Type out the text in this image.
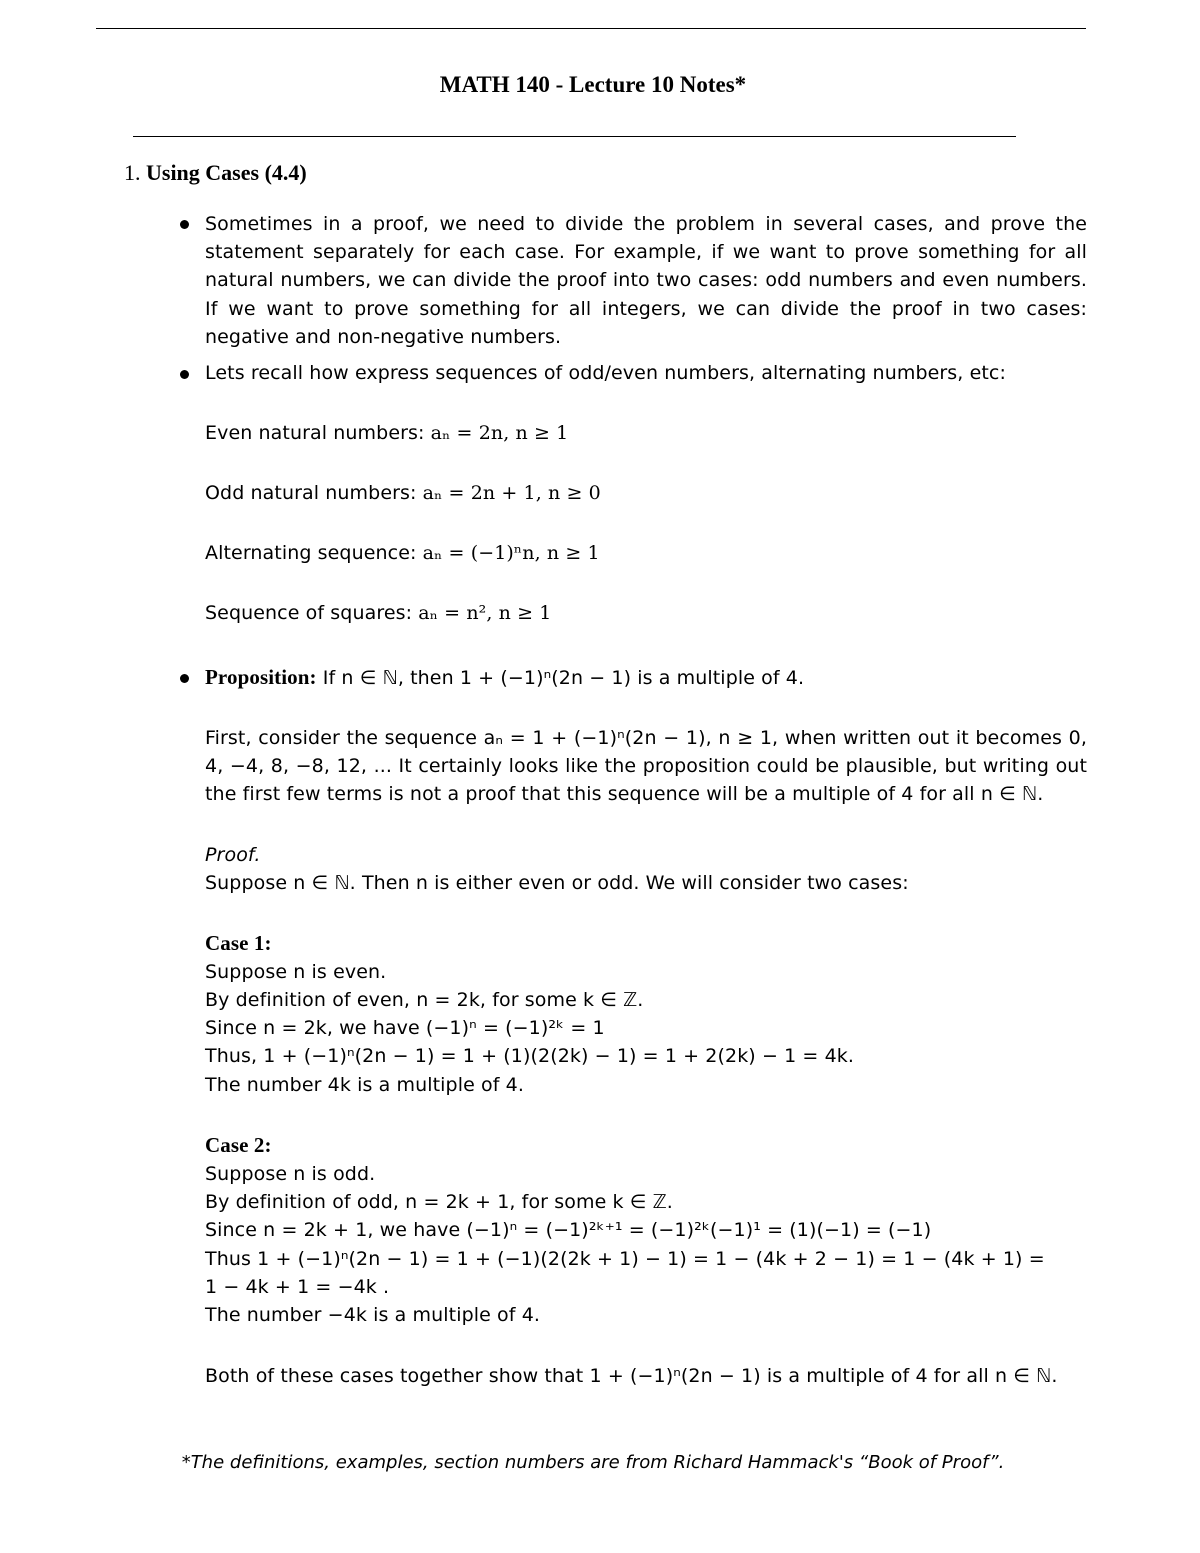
MATH 140 - Lecture 10 Notes*
1. Using Cases (4.4)
Sometimes in a proof, we need to divide the problem in several cases, and prove the statement separately for each case. For example, if we want to prove something for all natural numbers, we can divide the proof into two cases: odd numbers and even numbers. If we want to prove something for all integers, we can divide the proof in two cases: negative and non-negative numbers.
Lets recall how express sequences of odd/even numbers, alternating numbers, etc:
Even natural numbers: aₙ = 2n, n ≥ 1
Odd natural numbers: aₙ = 2n + 1, n ≥ 0
Alternating sequence: aₙ = (−1)ⁿn, n ≥ 1
Sequence of squares: aₙ = n², n ≥ 1
Proposition: If n ∈ ℕ, then 1 + (−1)ⁿ(2n − 1) is a multiple of 4.
First, consider the sequence aₙ = 1 + (−1)ⁿ(2n − 1), n ≥ 1, when written out it becomes 0, 4, −4, 8, −8, 12, ... It certainly looks like the proposition could be plausible, but writing out the first few terms is not a proof that this sequence will be a multiple of 4 for all n ∈ ℕ.
Proof.
Suppose n ∈ ℕ. Then n is either even or odd. We will consider two cases:
Case 1:
Suppose n is even.
By definition of even, n = 2k, for some k ∈ ℤ.
Since n = 2k, we have (−1)ⁿ = (−1)²ᵏ = 1
Thus, 1 + (−1)ⁿ(2n − 1) = 1 + (1)(2(2k) − 1) = 1 + 2(2k) − 1 = 4k.
The number 4k is a multiple of 4.
Case 2:
Suppose n is odd.
By definition of odd, n = 2k + 1, for some k ∈ ℤ.
Since n = 2k + 1, we have (−1)ⁿ = (−1)²ᵏ⁺¹ = (−1)²ᵏ(−1)¹ = (1)(−1) = (−1)
Thus 1 + (−1)ⁿ(2n − 1) = 1 + (−1)(2(2k + 1) − 1) = 1 − (4k + 2 − 1) = 1 − (4k + 1) =
1 − 4k + 1 = −4k .
The number −4k is a multiple of 4.
Both of these cases together show that 1 + (−1)ⁿ(2n − 1) is a multiple of 4 for all n ∈ ℕ.
*The definitions, examples, section numbers are from Richard Hammack's “Book of Proof”.
